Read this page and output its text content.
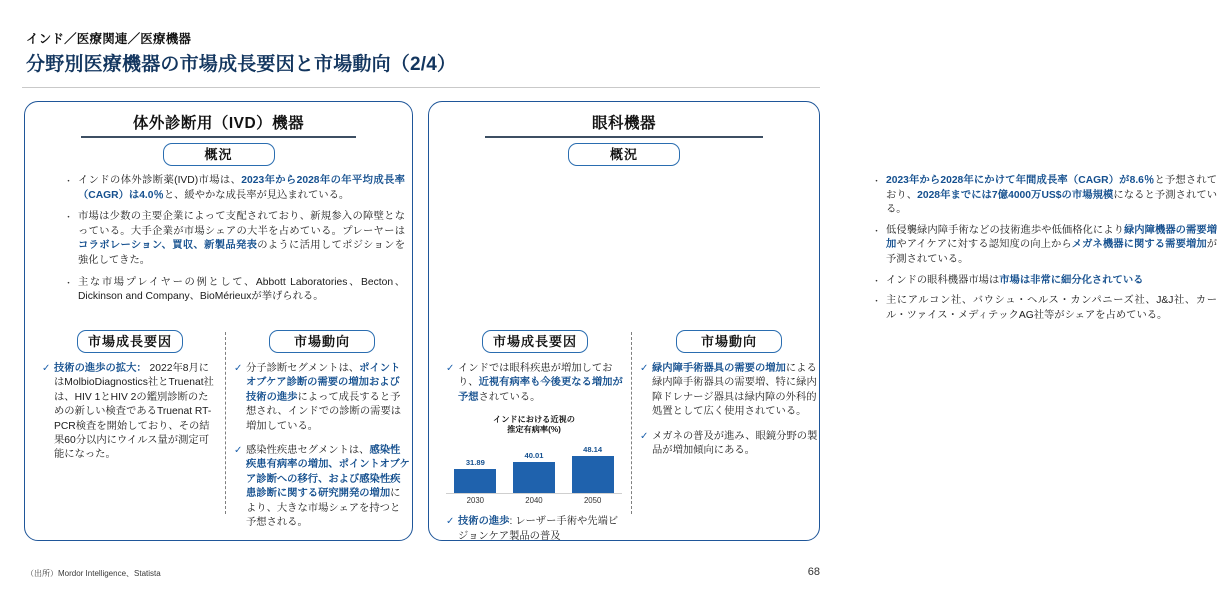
インド／医療関連／医療機器
分野別医療機器の市場成長要因と市場動向（2/4）
体外診断用（IVD）機器
概況
・ インドの体外診断薬(IVD)市場は、2023年から2028年の年平均成長率（CAGR）は4.0％と、緩やかな成長率が見込まれている。
・ 市場は少数の主要企業によって支配されており、新規参入の障壁となっている。大手企業が市場シェアの大半を占めている。プレーヤーはコラボレーション、買収、新製品発表のように活用してポジションを強化してきた。
・ 主な市場プレイヤーの例として、Abbott Laboratories、Becton、Dickinson and Company、BioMérieuxが挙げられる。
市場成長要因
✓ 技術の進歩の拡大： 2022年8月にはMolbioDiagnostics社とTruenat社は、HIV 1とHIV 2の鑑別診断のための新しい検査であるTruenat RT-PCR検査を開始しており、その結果60分以内にウイルス量が測定可能になった。
市場動向
✓ 分子診断セグメントは、ポイントオブケア診断の需要の増加および技術の進歩によって成長すると予想され、インドでの診断の需要は増加している。
✓ 感染性疾患セグメントは、感染性疾患有病率の増加、ポイントオブケア診断への移行、および感染性疾患診断に関する研究開発の増加により、大きな市場シェアを持つと予想される。
眼科機器
概況
・ 2023年から2028年にかけて年間成長率（CAGR）が8.6％と予想されており、2028年までには7億4000万US$の市場規模になると予測されている。
・ 低侵襲緑内障手術などの技術進歩や低価格化により緑内障機器の需要増加やアイケアに対する認知度の向上からメガネ機器に関する需要増加が予測されている。
・ インドの眼科機器市場は市場は非常に細分化されている
・ 主にアルコン社、バウシュ・ヘルス・カンパニーズ社、J&J社、カール・ツァイス・メディテックAG社等がシェアを占めている。
市場成長要因
✓ インドでは眼科疾患が増加しており、近視有病率も今後更なる増加が予想されている。
インドにおける近視の
推定有病率(%)
31.89
40.01
48.14
2030	2040	2050
✓ 技術の進歩: レーザー手術や先端ビジョンケア製品の普及
市場動向
✓ 緑内障手術器具の需要の増加による緑内障手術器具の需要増、特に緑内障ドレナージ器具は緑内障の外科的処置として広く使用されている。
✓ メガネの普及が進み、眼鏡分野の製品が増加傾向にある。
（出所）Mordor Intelligence、Statista	68
